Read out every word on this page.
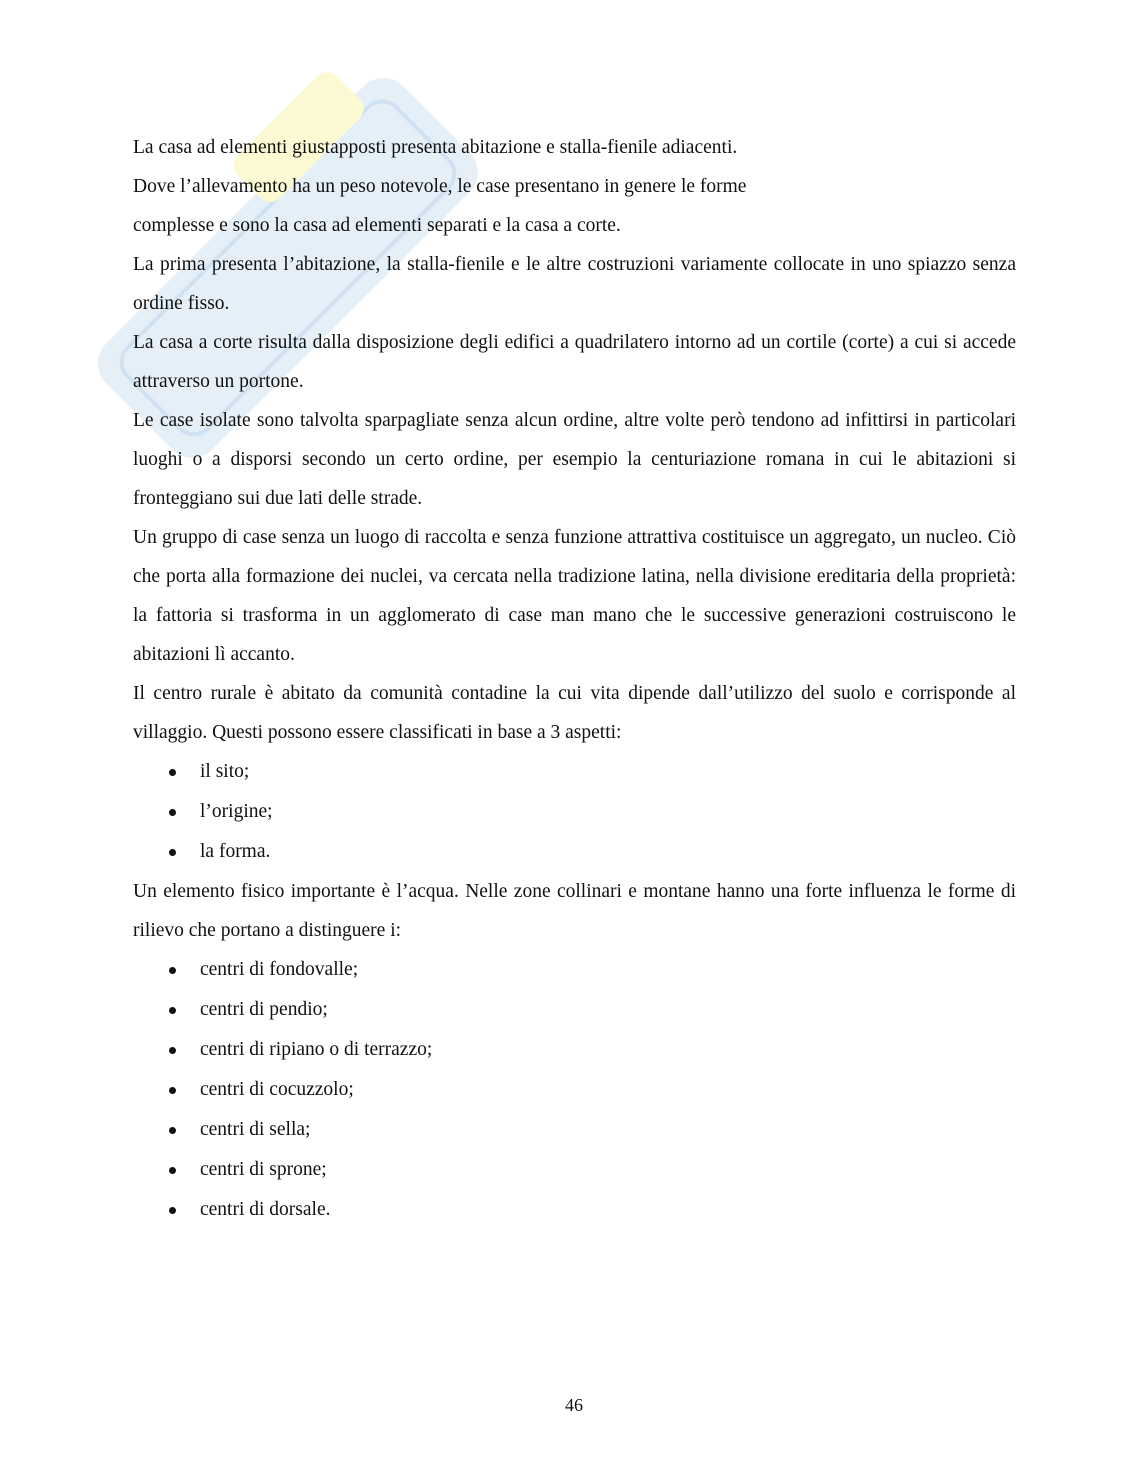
La casa ad elementi giustapposti presenta abitazione e stalla-fienile adiacenti.

Dove l’allevamento ha un peso notevole, le case presentano in genere le forme

complesse e sono la casa ad elementi separati e la casa a corte.

La prima presenta l’abitazione, la stalla-fienile e le altre costruzioni variamente collocate in uno spiazzo senza ordine fisso.

La casa a corte risulta dalla disposizione degli edifici a quadrilatero intorno ad un cortile (corte) a cui si accede attraverso un portone.

Le case isolate sono talvolta sparpagliate senza alcun ordine, altre volte però tendono ad infittirsi in particolari luoghi o a disporsi secondo un certo ordine, per esempio la centuriazione romana in cui le abitazioni si fronteggiano sui due lati delle strade.

Un gruppo di case senza un luogo di raccolta e senza funzione attrattiva costituisce un aggregato, un nucleo. Ciò che porta alla formazione dei nuclei, va cercata nella tradizione latina, nella divisione ereditaria della proprietà: la fattoria si trasforma in un agglomerato di case man mano che le successive generazioni costruiscono le abitazioni lì accanto.

Il centro rurale è abitato da comunità contadine la cui vita dipende dall’utilizzo del suolo e corrisponde al villaggio. Questi possono essere classificati in base a 3 aspetti:

il sito;
l’origine;
la forma.

Un elemento fisico importante è l’acqua. Nelle zone collinari e montane hanno una forte influenza le forme di rilievo che portano a distinguere i:

centri di fondovalle;
centri di pendio;
centri di ripiano o di terrazzo;
centri di cocuzzolo;
centri di sella;
centri di sprone;
centri di dorsale.
46
